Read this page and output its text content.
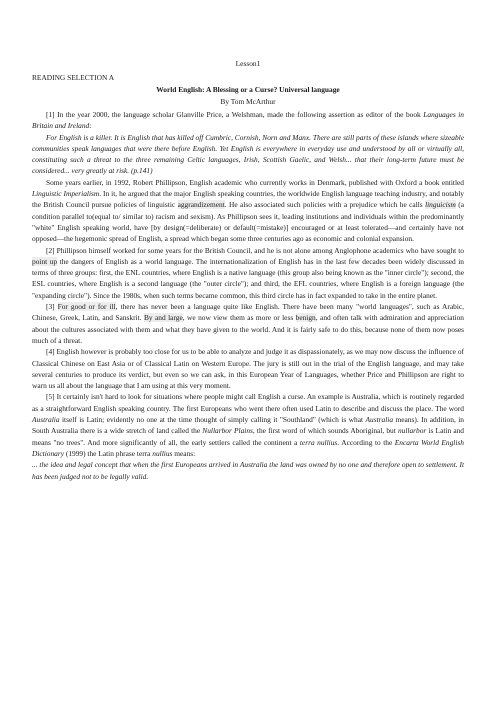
Lesson1
READING SELECTION A
World English: A Blessing or a Curse? Universal language
By Tom McArthur

[1] In the year 2000, the language scholar Glanville Price, a Welshman, made the following assertion as editor of the book Languages in Britain and Ireland:

For English is a killer. It is English that has killed off Cumbric, Cornish, Norn and Manx. There are still parts of these islands where sizeable communities speak languages that were there before English. Yet English is everywhere in everyday use and understood by all or virtually all, constituting such a threat to the three remaining Celtic languages, Irish, Scottish Gaelic, and Welsh... that their long-term future must be considered... very greatly at risk. (p.141)

Some years earlier, in 1992, Robert Phillipson, English academic who currently works in Denmark, published with Oxford a book entitled Linguistic Imperialism. In it, he argued that the major English speaking countries, the worldwide English language teaching industry, and notably the British Council pursue policies of linguistic aggrandizement. He also associated such policies with a prejudice which he calls linguicism (a condition parallel to(equal to/ similar to) racism and sexism). As Phillipson sees it, leading institutions and individuals within the predominantly "white" English speaking world, have [by design(=deliberate) or default(=mistake)] encouraged or at least tolerated—and certainly have not opposed—the hegemonic spread of English, a spread which began some three centuries ago as economic and colonial expansion.

[2] Phillipson himself worked for some years for the British Council, and he is not alone among Anglophone academics who have sought to point up the dangers of English as a world language. The internationalization of English has in the last few decades been widely discussed in terms of three groups: first, the ENL countries, where English is a native language (this group also being known as the "inner circle"); second, the ESL countries, where English is a second language (the "outer circle"); and third, the EFL countries, where English is a foreign language (the "expanding circle"). Since the 1980s, when such terms became common, this third circle has in fact expanded to take in the entire planet.

[3] For good or for ill, there has never been a language quite like English. There have been many "world languages", such as Arabic, Chinese, Greek, Latin, and Sanskrit. By and large, we now view them as more or less benign, and often talk with admiration and appreciation about the cultures associated with them and what they have given to the world. And it is fairly safe to do this, because none of them now poses much of a threat.

[4] English however is probably too close for us to be able to analyze and judge it as dispassionately, as we may now discuss the influence of Classical Chinese on East Asia or of Classical Latin on Western Europe. The jury is still out in the trial of the English language, and may take several centuries to produce its verdict, but even so we can ask, in this European Year of Languages, whether Price and Phillipson are right to warn us all about the language that I am using at this very moment.

[5] It certainly isn't hard to look for situations where people might call English a curse. An example is Australia, which is routinely regarded as a straightforward English speaking country. The first Europeans who went there often used Latin to describe and discuss the place. The word Australia itself is Latin; evidently no one at the time thought of simply calling it "Southland" (which is what Australia means). In addition, in South Australia there is a wide stretch of land called the Nullarbor Plains, the first word of which sounds Aboriginal, but nullarbor is Latin and means "no trees". And more significantly of all, the early settlers called the continent a terra nullius. According to the Encarta World English Dictionary (1999) the Latin phrase terra nullius means:

... the idea and legal concept that when the first Europeans arrived in Australia the land was owned by no one and therefore open to settlement. It has been judged not to be legally valid.
